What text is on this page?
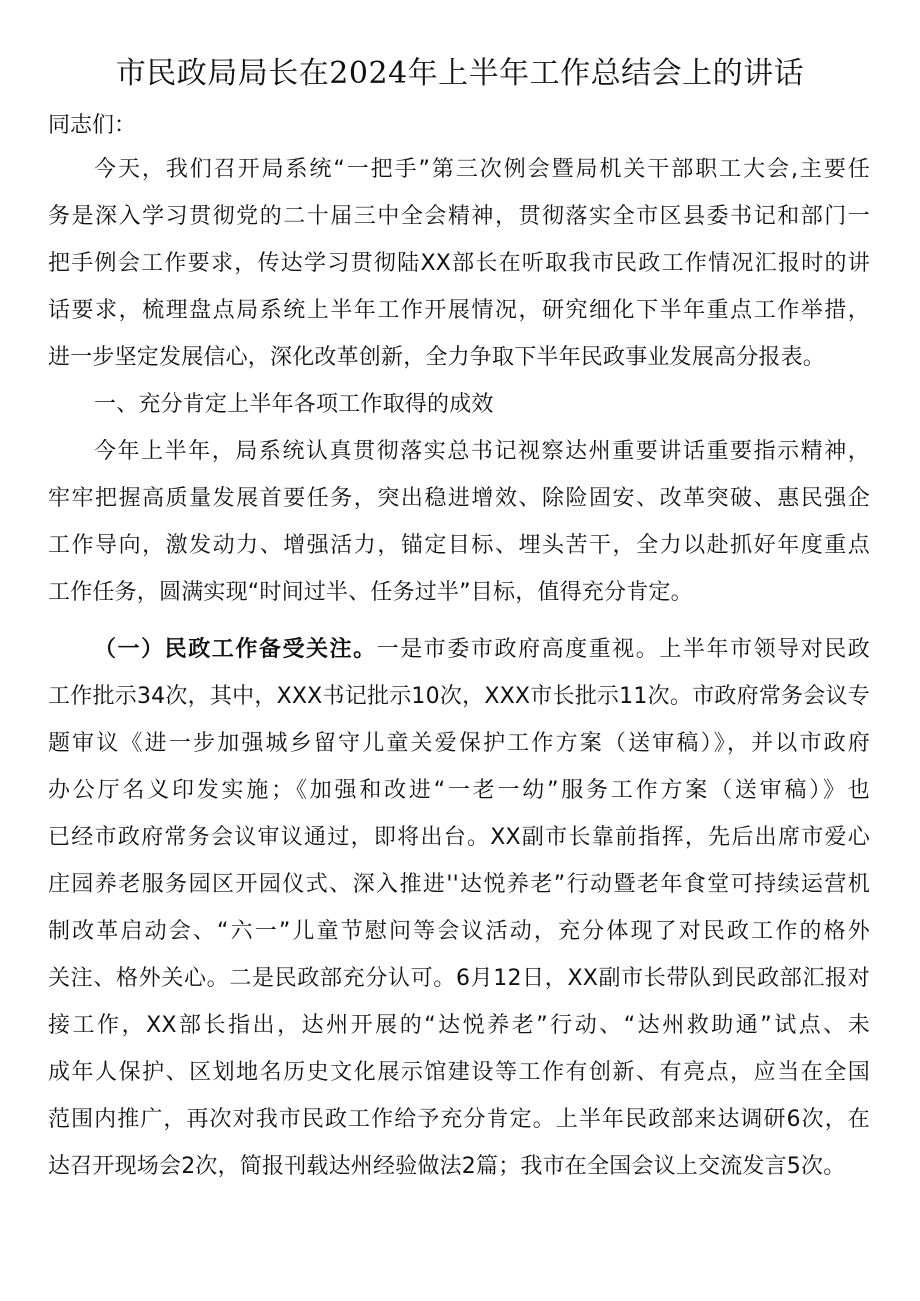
市民政局局长在2024年上半年工作总结会上的讲话
同志们：
今天，我们召开局系统“一把手”第三次例会暨局机关干部职工大会,主要任
务是深入学习贯彻党的二十届三中全会精神，贯彻落实全市区县委书记和部门一
把手例会工作要求，传达学习贯彻陆XX部长在听取我市民政工作情况汇报时的讲
话要求，梳理盘点局系统上半年工作开展情况，研究细化下半年重点工作举措，
进一步坚定发展信心，深化改革创新，全力争取下半年民政事业发展高分报表。
一、充分肯定上半年各项工作取得的成效
今年上半年，局系统认真贯彻落实总书记视察达州重要讲话重要指示精神，
牢牢把握高质量发展首要任务，突出稳进增效、除险固安、改革突破、惠民强企
工作导向，激发动力、增强活力，锚定目标、埋头苦干，全力以赴抓好年度重点
工作任务，圆满实现“时间过半、任务过半”目标，值得充分肯定。
（一）民政工作备受关注。一是市委市政府高度重视。上半年市领导对民政
工作批示34次，其中，XXX书记批示10次，XXX市长批示11次。市政府常务会议专
题审议《进一步加强城乡留守儿童关爱保护工作方案（送审稿）》，并以市政府
办公厅名义印发实施；《加强和改进“一老一幼”服务工作方案（送审稿）》也
已经市政府常务会议审议通过，即将出台。XX副市长靠前指挥，先后出席市爱心
庄园养老服务园区开园仪式、深入推进''达悦养老”行动暨老年食堂可持续运营机
制改革启动会、“六一”儿童节慰问等会议活动，充分体现了对民政工作的格外
关注、格外关心。二是民政部充分认可。6月12日，XX副市长带队到民政部汇报对
接工作，XX部长指出，达州开展的“达悦养老”行动、“达州救助通”试点、未
成年人保护、区划地名历史文化展示馆建设等工作有创新、有亮点，应当在全国
范围内推广，再次对我市民政工作给予充分肯定。上半年民政部来达调研6次，在
达召开现场会2次，简报刊载达州经验做法2篇；我市在全国会议上交流发言5次。
